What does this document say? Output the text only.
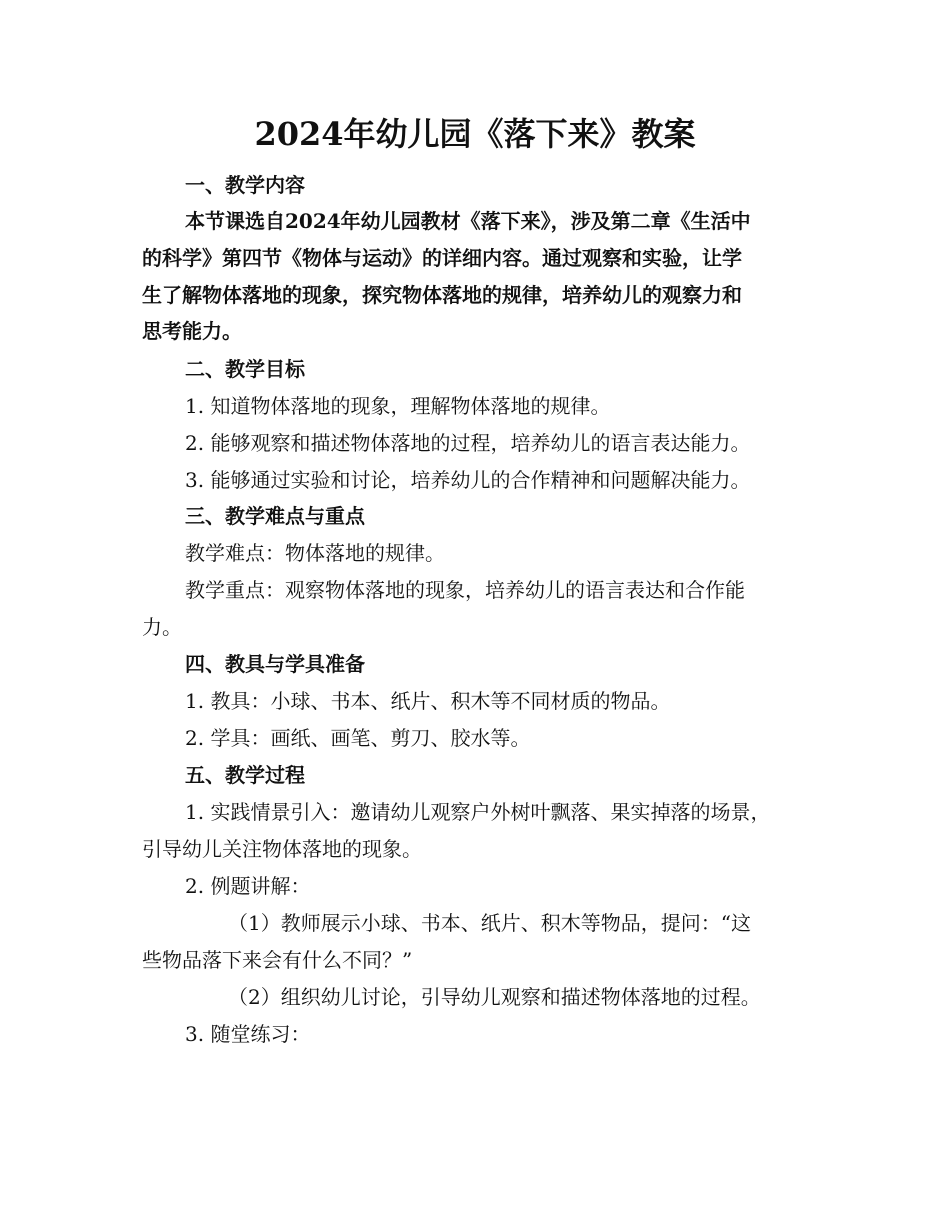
2024年幼儿园《落下来》教案
一、教学内容
本节课选自2024年幼儿园教材《落下来》，涉及第二章《生活中
的科学》第四节《物体与运动》的详细内容。通过观察和实验，让学
生了解物体落地的现象，探究物体落地的规律，培养幼儿的观察力和
思考能力。
二、教学目标
1. 知道物体落地的现象，理解物体落地的规律。
2. 能够观察和描述物体落地的过程，培养幼儿的语言表达能力。
3. 能够通过实验和讨论，培养幼儿的合作精神和问题解决能力。
三、教学难点与重点
教学难点：物体落地的规律。
教学重点：观察物体落地的现象，培养幼儿的语言表达和合作能
力。
四、教具与学具准备
1. 教具：小球、书本、纸片、积木等不同材质的物品。
2. 学具：画纸、画笔、剪刀、胶水等。
五、教学过程
1. 实践情景引入：邀请幼儿观察户外树叶飘落、果实掉落的场景，
引导幼儿关注物体落地的现象。
2. 例题讲解：
（1）教师展示小球、书本、纸片、积木等物品，提问：“这
些物品落下来会有什么不同？”
（2）组织幼儿讨论，引导幼儿观察和描述物体落地的过程。
3. 随堂练习：
